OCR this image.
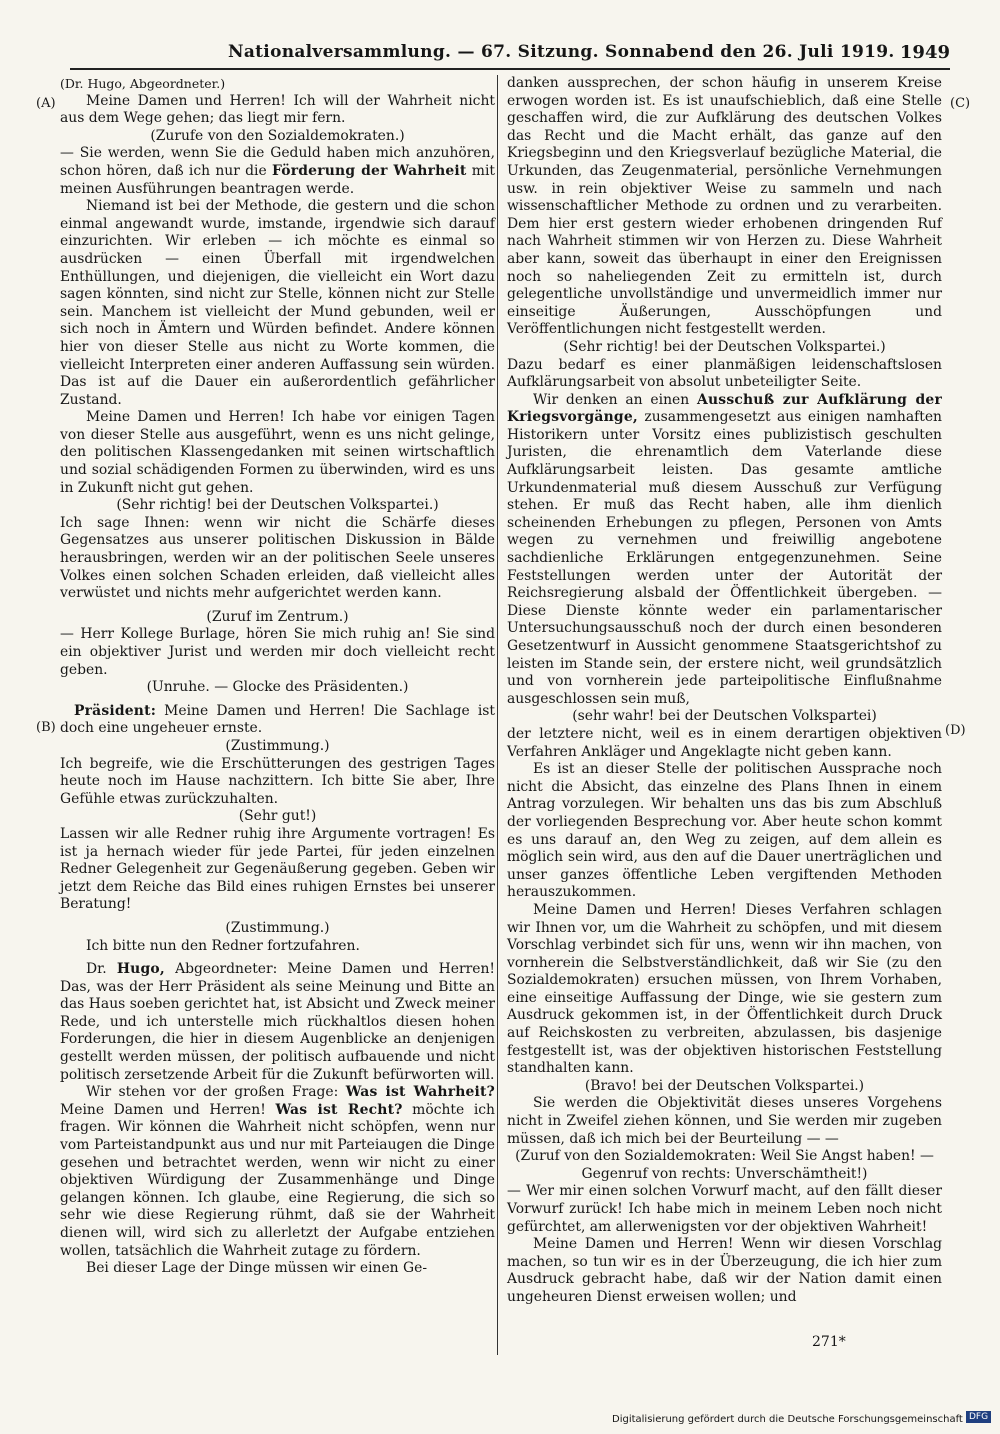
Nationalversammlung. — 67. Sitzung. Sonnabend den 26. Juli 1919. 1949
(A)
(B)
(C)
(D)

(Dr. Hugo, Abgeordneter.)

Meine Damen und Herren! Ich will der Wahrheit nicht aus dem Wege gehen; das liegt mir fern.

(Zurufe von den Sozialdemokraten.)

— Sie werden, wenn Sie die Geduld haben mich anzuhören, schon hören, daß ich nur die Förderung der Wahrheit mit meinen Ausführungen beantragen werde.

Niemand ist bei der Methode, die gestern und die schon einmal angewandt wurde, imstande, irgendwie sich darauf einzurichten. Wir erleben — ich möchte es einmal so ausdrücken — einen Überfall mit irgendwelchen Enthüllungen, und diejenigen, die vielleicht ein Wort dazu sagen könnten, sind nicht zur Stelle, können nicht zur Stelle sein. Manchem ist vielleicht der Mund gebunden, weil er sich noch in Ämtern und Würden befindet. Andere können hier von dieser Stelle aus nicht zu Worte kommen, die vielleicht Interpreten einer anderen Auffassung sein würden. Das ist auf die Dauer ein außerordentlich gefährlicher Zustand.

Meine Damen und Herren! Ich habe vor einigen Tagen von dieser Stelle aus ausgeführt, wenn es uns nicht gelinge, den politischen Klassengedanken mit seinen wirtschaftlich und sozial schädigenden Formen zu überwinden, wird es uns in Zukunft nicht gut gehen.

(Sehr richtig! bei der Deutschen Volkspartei.)

Ich sage Ihnen: wenn wir nicht die Schärfe dieses Gegensatzes aus unserer politischen Diskussion in Bälde herausbringen, werden wir an der politischen Seele unseres Volkes einen solchen Schaden erleiden, daß vielleicht alles verwüstet und nichts mehr aufgerichtet werden kann.

(Zuruf im Zentrum.)

— Herr Kollege Burlage, hören Sie mich ruhig an! Sie sind ein objektiver Jurist und werden mir doch vielleicht recht geben.

(Unruhe. — Glocke des Präsidenten.)

Präsident: Meine Damen und Herren! Die Sachlage ist doch eine ungeheuer ernste.

(Zustimmung.)

Ich begreife, wie die Erschütterungen des gestrigen Tages heute noch im Hause nachzittern. Ich bitte Sie aber, Ihre Gefühle etwas zurückzuhalten.

(Sehr gut!)

Lassen wir alle Redner ruhig ihre Argumente vortragen! Es ist ja hernach wieder für jede Partei, für jeden einzelnen Redner Gelegenheit zur Gegenäußerung gegeben. Geben wir jetzt dem Reiche das Bild eines ruhigen Ernstes bei unserer Beratung!

(Zustimmung.)

Ich bitte nun den Redner fortzufahren.

Dr. Hugo, Abgeordneter: Meine Damen und Herren! Das, was der Herr Präsident als seine Meinung und Bitte an das Haus soeben gerichtet hat, ist Absicht und Zweck meiner Rede, und ich unterstelle mich rückhaltlos diesen hohen Forderungen, die hier in diesem Augenblicke an denjenigen gestellt werden müssen, der politisch aufbauende und nicht politisch zersetzende Arbeit für die Zukunft befürworten will.

Wir stehen vor der großen Frage: Was ist Wahrheit? Meine Damen und Herren! Was ist Recht? möchte ich fragen. Wir können die Wahrheit nicht schöpfen, wenn nur vom Parteistandpunkt aus und nur mit Parteiaugen die Dinge gesehen und betrachtet werden, wenn wir nicht zu einer objektiven Würdigung der Zusammenhänge und Dinge gelangen können. Ich glaube, eine Regierung, die sich so sehr wie diese Regierung rühmt, daß sie der Wahrheit dienen will, wird sich zu allerletzt der Aufgabe entziehen wollen, tatsächlich die Wahrheit zutage zu fördern.

Bei dieser Lage der Dinge müssen wir einen Ge-

danken aussprechen, der schon häufig in unserem Kreise erwogen worden ist. Es ist unaufschieblich, daß eine Stelle geschaffen wird, die zur Aufklärung des deutschen Volkes das Recht und die Macht erhält, das ganze auf den Kriegsbeginn und den Kriegsverlauf bezügliche Material, die Urkunden, das Zeugenmaterial, persönliche Vernehmungen usw. in rein objektiver Weise zu sammeln und nach wissenschaftlicher Methode zu ordnen und zu verarbeiten. Dem hier erst gestern wieder erhobenen dringenden Ruf nach Wahrheit stimmen wir von Herzen zu. Diese Wahrheit aber kann, soweit das überhaupt in einer den Ereignissen noch so naheliegenden Zeit zu ermitteln ist, durch gelegentliche unvollständige und unvermeidlich immer nur einseitige Äußerungen, Ausschöpfungen und Veröffentlichungen nicht festgestellt werden.

(Sehr richtig! bei der Deutschen Volkspartei.)

Dazu bedarf es einer planmäßigen leidenschaftslosen Aufklärungsarbeit von absolut unbeteiligter Seite.

Wir denken an einen Ausschuß zur Aufklärung der Kriegsvorgänge, zusammengesetzt aus einigen namhaften Historikern unter Vorsitz eines publizistisch geschulten Juristen, die ehrenamtlich dem Vaterlande diese Aufklärungsarbeit leisten. Das gesamte amtliche Urkundenmaterial muß diesem Ausschuß zur Verfügung stehen. Er muß das Recht haben, alle ihm dienlich scheinenden Erhebungen zu pflegen, Personen von Amts wegen zu vernehmen und freiwillig angebotene sachdienliche Erklärungen entgegenzunehmen. Seine Feststellungen werden unter der Autorität der Reichsregierung alsbald der Öffentlichkeit übergeben. — Diese Dienste könnte weder ein parlamentarischer Untersuchungsausschuß noch der durch einen besonderen Gesetzentwurf in Aussicht genommene Staatsgerichtshof zu leisten im Stande sein, der erstere nicht, weil grundsätzlich und von vornherein jede parteipolitische Einflußnahme ausgeschlossen sein muß,

(sehr wahr! bei der Deutschen Volkspartei)

der letztere nicht, weil es in einem derartigen objektiven Verfahren Ankläger und Angeklagte nicht geben kann.

Es ist an dieser Stelle der politischen Aussprache noch nicht die Absicht, das einzelne des Plans Ihnen in einem Antrag vorzulegen. Wir behalten uns das bis zum Abschluß der vorliegenden Besprechung vor. Aber heute schon kommt es uns darauf an, den Weg zu zeigen, auf dem allein es möglich sein wird, aus den auf die Dauer unerträglichen und unser ganzes öffentliche Leben vergiftenden Methoden herauszukommen.

Meine Damen und Herren! Dieses Verfahren schlagen wir Ihnen vor, um die Wahrheit zu schöpfen, und mit diesem Vorschlag verbindet sich für uns, wenn wir ihn machen, von vornherein die Selbstverständlichkeit, daß wir Sie (zu den Sozialdemokraten) ersuchen müssen, von Ihrem Vorhaben, eine einseitige Auffassung der Dinge, wie sie gestern zum Ausdruck gekommen ist, in der Öffentlichkeit durch Druck auf Reichskosten zu verbreiten, abzulassen, bis dasjenige festgestellt ist, was der objektiven historischen Feststellung standhalten kann.

(Bravo! bei der Deutschen Volkspartei.)

Sie werden die Objektivität dieses unseres Vorgehens nicht in Zweifel ziehen können, und Sie werden mir zugeben müssen, daß ich mich bei der Beurteilung — —

(Zuruf von den Sozialdemokraten: Weil Sie Angst haben! — Gegenruf von rechts: Unverschämtheit!)

— Wer mir einen solchen Vorwurf macht, auf den fällt dieser Vorwurf zurück! Ich habe mich in meinem Leben noch nicht gefürchtet, am allerwenigsten vor der objektiven Wahrheit!

Meine Damen und Herren! Wenn wir diesen Vorschlag machen, so tun wir es in der Überzeugung, die ich hier zum Ausdruck gebracht habe, daß wir der Nation damit einen ungeheuren Dienst erweisen wollen; und

271*
Digitalisierung gefördert durch die Deutsche Forschungsgemeinschaft DFG
